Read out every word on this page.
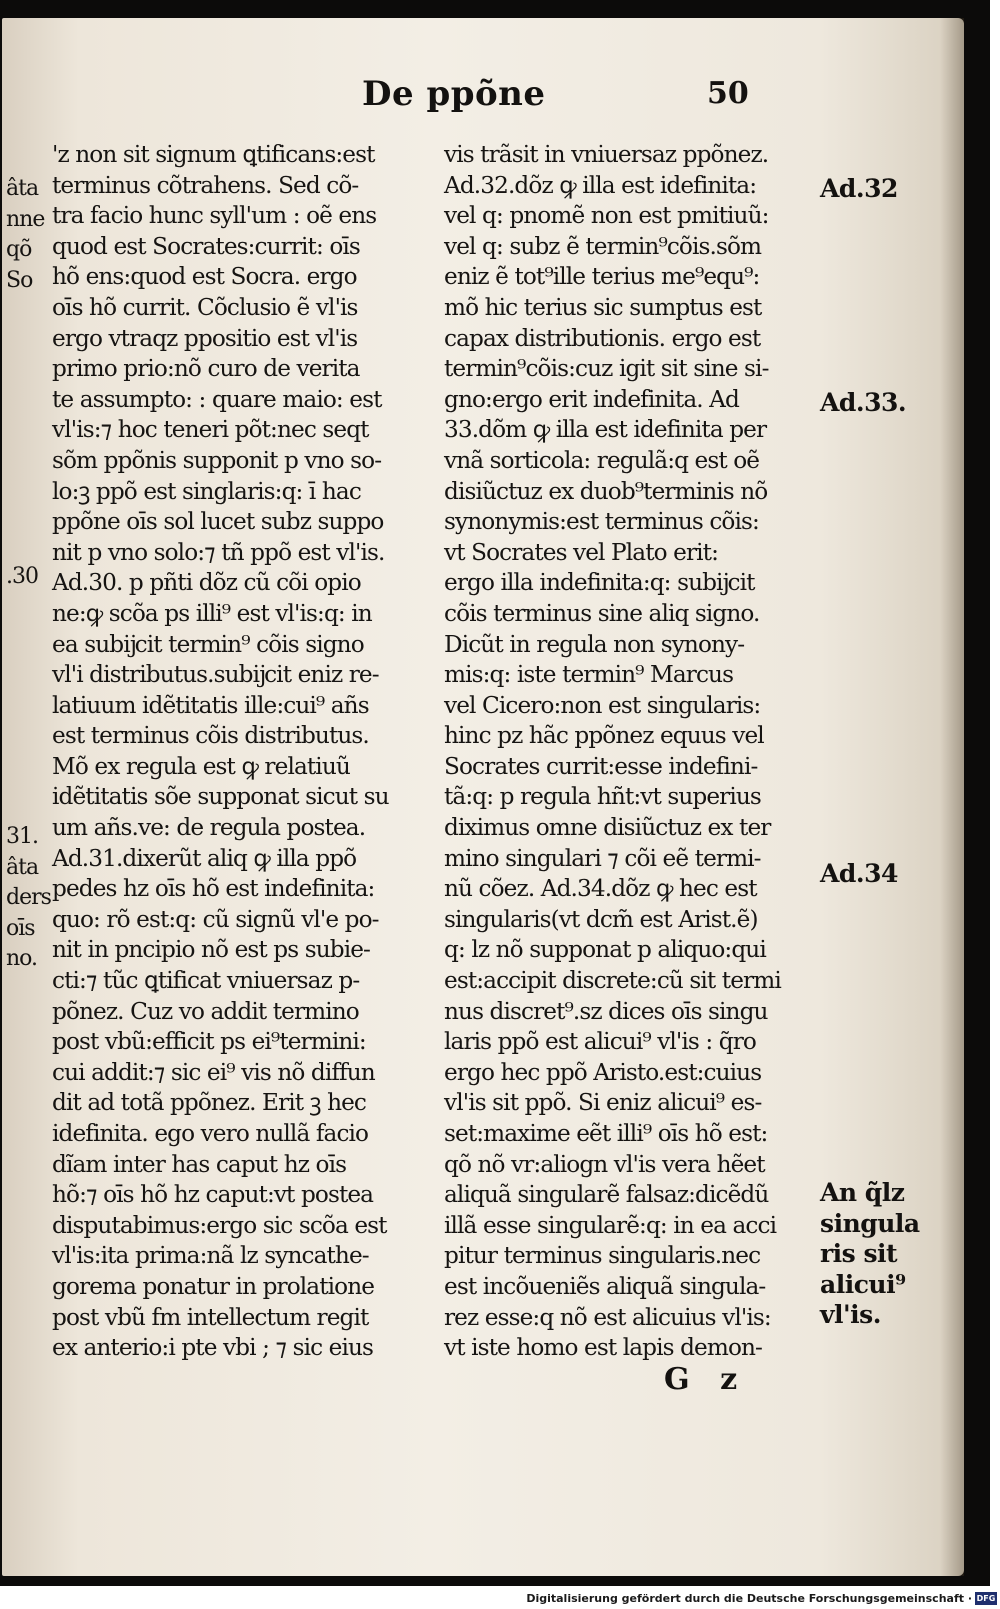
De ppõne	50
âta
nne
qõ
So
.30
31.
âta
ders
oīs
no.
'z non sit signum ꝗtificans:est
terminus cõtrahens. Sed cõ-
tra facio hunc syll'um : oẽ ens
quod est Socrates:currit: oīs
hõ ens:quod est Socra. ergo
oīs hõ currit. Cõclusio ẽ vl'is
ergo vtraqz ppositio est vl'is
primo prio:nõ curo de verita
te assumpto: : quare maio: est
vl'is:⁊ hoc teneri põt:nec seqt
sõm ppõnis supponit p vno so-
lo:ꝫ ppõ est singlaris:q: ī hac
ppõne oīs sol lucet subz suppo
nit p vno solo:⁊ tñ ppõ est vl'is.
Ad.30. p pñti dõz cũ cõi opio
ne:ꝙ scõa ps illi⁹ est vl'is:q: in
ea subĳcit termin⁹ cõis signo
vl'i distributus.subĳcit eniz re-
latiuum idẽtitatis ille:cui⁹ añs
est terminus cõis distributus.
Mõ ex regula est ꝙ relatiuũ
idẽtitatis sõe supponat sicut su
um añs.ve: de regula postea.
Ad.31.dixerũt aliq ꝙ illa ppõ
pedes hz oīs hõ est indefinita:
quo: rõ est:q: cũ signũ vl'e po-
nit in pncipio nõ est ps subie-
cti:⁊ tũc ꝗtificat vniuersaz p-
põnez. Cuz vo addit termino
post vbũ:efficit ps ei⁹termini:
cui addit:⁊ sic ei⁹ vis nõ diffun
dit ad totã ppõnez. Erit ꝫ hec
idefinita. ego vero nullã facio
dĩam inter has caput hz oīs
hõ:⁊ oīs hõ hz caput:vt postea
disputabimus:ergo sic scõa est
vl'is:ita prima:nã lz syncathe-
gorema ponatur in prolatione
post vbũ fm intellectum regit
ex anterio:i pte vbi ; ⁊ sic eius
vis trãsit in vniuersaz ppõnez.
Ad.32.dõz ꝙ illa est idefinita:
vel q: pnomẽ non est pmitiuũ:
vel q: subz ẽ termin⁹cõis.sõm
eniz ẽ tot⁹ille terius me⁹equ⁹:
mõ hic terius sic sumptus est
capax distributionis. ergo est
termin⁹cõis:cuz igit sit sine si-
gno:ergo erit indefinita. Ad
33.dõm ꝙ illa est idefinita per
vnã sorticola: regulã:q est oẽ
disiũctuz ex duob⁹terminis nõ
synonymis:est terminus cõis:
vt Socrates vel Plato erit:
ergo illa indefinita:q: subĳcit
cõis terminus sine aliq signo.
Dicũt in regula non synony-
mis:q: iste termin⁹ Marcus
vel Cicero:non est singularis:
hinc pz hãc ppõnez equus vel
Socrates currit:esse indefini-
tã:q: p regula hñt:vt superius
diximus omne disiũctuz ex ter
mino singulari ⁊ cõi eẽ termi-
nũ cõez. Ad.34.dõz ꝙ hec est
singularis(vt dcm̃ est Arist.ẽ)
q: lz nõ supponat p aliquo:qui
est:accipit discrete:cũ sit termi
nus discret⁹.sz dices oīs singu
laris ppõ est alicui⁹ vl'is : q̃ro
ergo hec ppõ Aristo.est:cuius
vl'is sit ppõ. Si eniz alicui⁹ es-
set:maxime eẽt illi⁹ oīs hõ est:
qõ nõ vr:aliogn vl'is vera hẽet
aliquã singularẽ falsaz:dicẽdũ
illã esse singularẽ:q: in ea acci
pitur terminus singularis.nec
est incõueniẽs aliquã singula-
rez esse:q nõ est alicuius vl'is:
vt iste homo est lapis demon-
Ad.32
Ad.33.
Ad.34
An q̃lz
singula
ris sit
alicui⁹
vl'is.
G z
Digitalisierung gefördert durch die Deutsche Forschungsgemeinschaft · DFG
